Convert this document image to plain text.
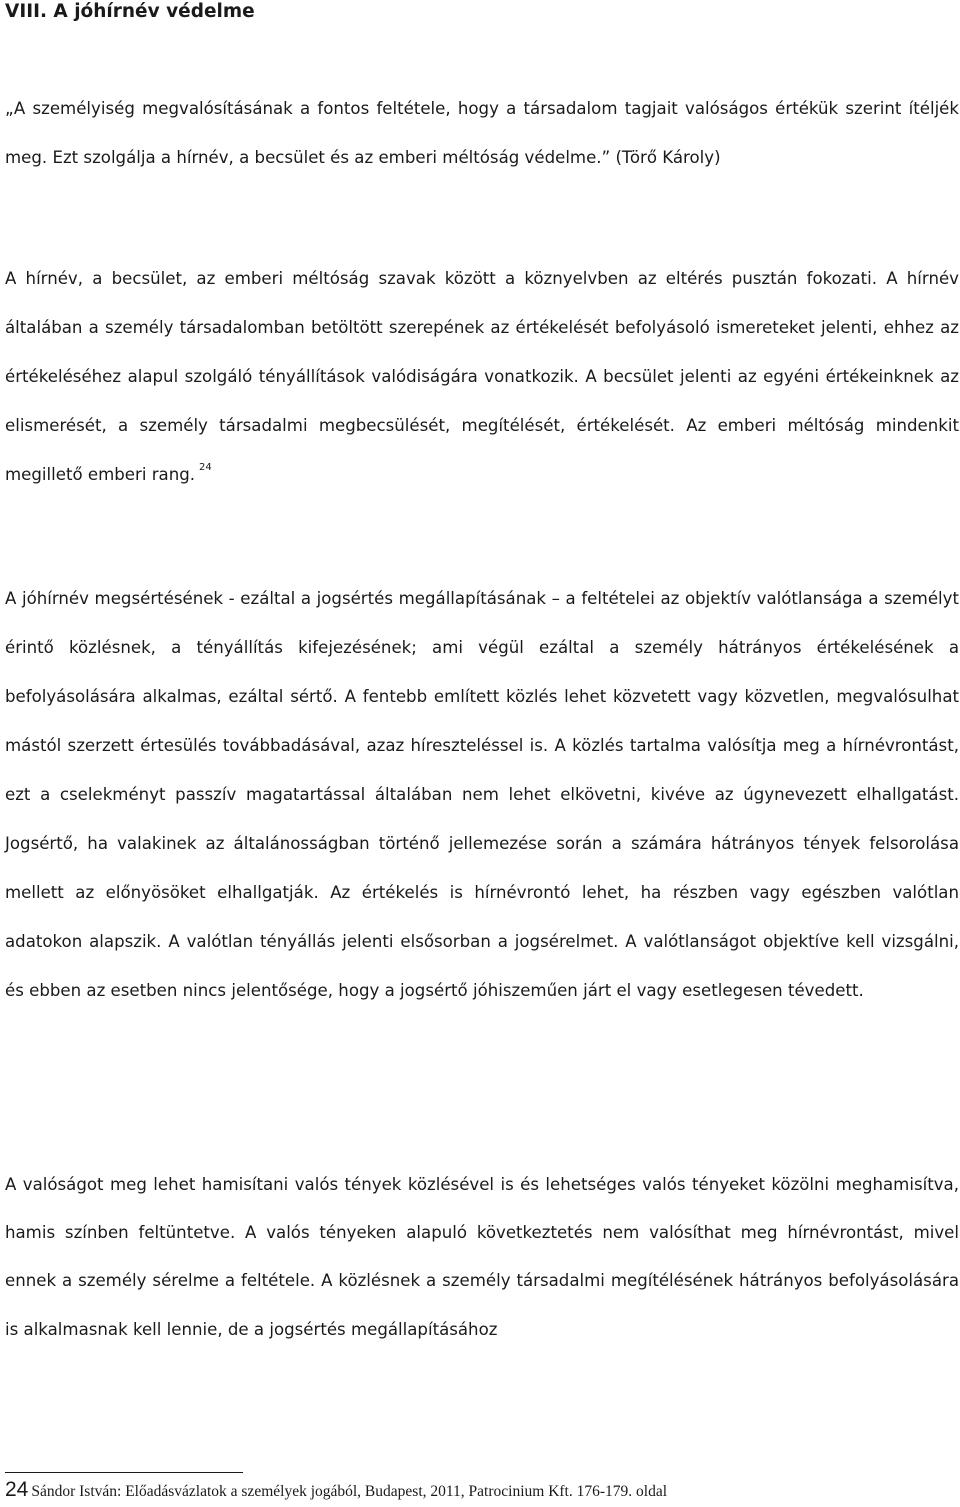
VIII. A jóhírnév védelme

„A személyiség megvalósításának a fontos feltétele, hogy a társadalom tagjait valóságos értékük szerint ítéljék meg. Ezt szolgálja a hírnév, a becsület és az emberi méltóság védelme.” (Törő Károly)

A hírnév, a becsület, az emberi méltóság szavak között a köznyelvben az eltérés pusztán fokozati. A hírnév általában a személy társadalomban betöltött szerepének az értékelését befolyásoló ismereteket jelenti, ehhez az értékeléséhez alapul szolgáló tényállítások valódiságára vonatkozik. A becsület jelenti az egyéni értékeinknek az elismerését, a személy társadalmi megbecsülését, megítélését, értékelését. Az emberi méltóság mindenkit megillető emberi rang. $^{24}$

A jóhírnév megsértésének - ezáltal a jogsértés megállapításának – a feltételei az objektív valótlansága a személyt érintő közlésnek, a tényállítás kifejezésének; ami végül ezáltal a személy hátrányos értékelésének a befolyásolására alkalmas, ezáltal sértő. A fentebb említett közlés lehet közvetett vagy közvetlen, megvalósulhat mástól szerzett értesülés továbbadásával, azaz híreszteléssel is. A közlés tartalma valósítja meg a hírnévrontást, ezt a cselekményt passzív magatartással általában nem lehet elkövetni, kivéve az úgynevezett elhallgatást. Jogsértő, ha valakinek az általánosságban történő jellemezése során a számára hátrányos tények felsorolása mellett az előnyösöket elhallgatják. Az értékelés is hírnévrontó lehet, ha részben vagy egészben valótlan adatokon alapszik. A valótlan tényállás jelenti elsősorban a jogsérelmet. A valótlanságot objektíve kell vizsgálni, és ebben az esetben nincs jelentősége, hogy a jogsértő jóhiszeműen járt el vagy esetlegesen tévedett.

A valóságot meg lehet hamisítani valós tények közlésével is és lehetséges valós tényeket közölni meghamisítva, hamis színben feltüntetve. A valós tényeken alapuló következtetés nem valósíthat meg hírnévrontást, mivel ennek a személy sérelme a feltétele. A közlésnek a személy társadalmi megítélésének hátrányos befolyásolására is alkalmasnak kell lennie, de a jogsértés megállapításához

24 Sándor István: Előadásvázlatok a személyek jogából, Budapest, 2011, Patrocinium Kft. 176-179. oldal
